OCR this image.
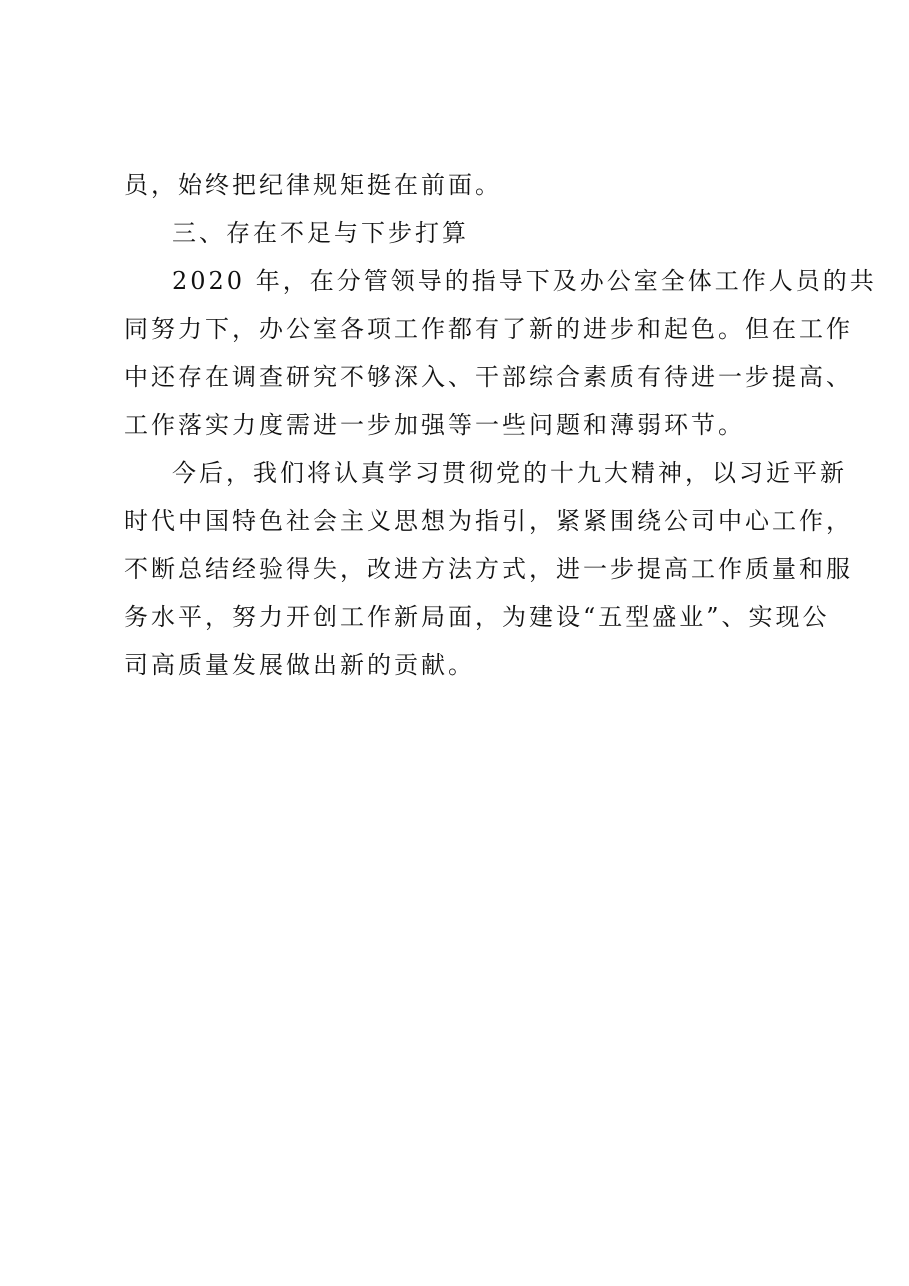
员，始终把纪律规矩挺在前面。
三、存在不足与下步打算
2020 年，在分管领导的指导下及办公室全体工作人员的共
同努力下，办公室各项工作都有了新的进步和起色。但在工作
中还存在调查研究不够深入、干部综合素质有待进一步提高、
工作落实力度需进一步加强等一些问题和薄弱环节。
今后，我们将认真学习贯彻党的十九大精神，以习近平新
时代中国特色社会主义思想为指引，紧紧围绕公司中心工作，
不断总结经验得失，改进方法方式，进一步提高工作质量和服
务水平，努力开创工作新局面，为建设“五型盛业”、实现公
司高质量发展做出新的贡献。
